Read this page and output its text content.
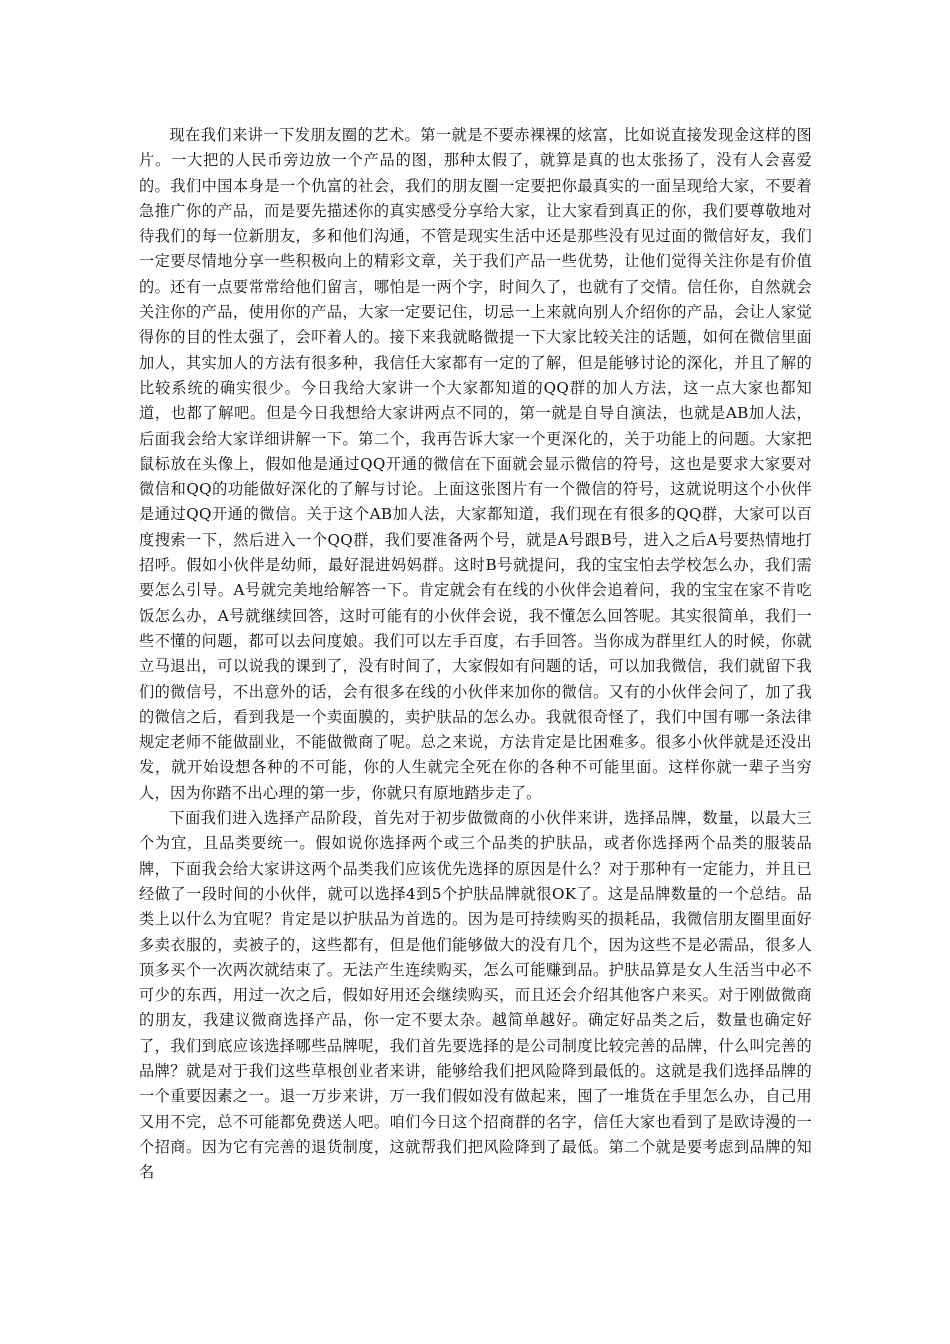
现在我们来讲一下发朋友圈的艺术。第一就是不要赤裸裸的炫富，比如说直接发现金这样的图片。一大把的人民币旁边放一个产品的图，那种太假了，就算是真的也太张扬了，没有人会喜爱的。我们中国本身是一个仇富的社会，我们的朋友圈一定要把你最真实的一面呈现给大家，不要着急推广你的产品，而是要先描述你的真实感受分享给大家，让大家看到真正的你，我们要尊敬地对待我们的每一位新朋友，多和他们沟通，不管是现实生活中还是那些没有见过面的微信好友，我们一定要尽情地分享一些积极向上的精彩文章，关于我们产品一些优势，让他们觉得关注你是有价值的。还有一点要常常给他们留言，哪怕是一两个字，时间久了，也就有了交情。信任你，自然就会关注你的产品，使用你的产品，大家一定要记住，切忌一上来就向别人介绍你的产品，会让人家觉得你的目的性太强了，会吓着人的。接下来我就略微提一下大家比较关注的话题，如何在微信里面加人，其实加人的方法有很多种，我信任大家都有一定的了解，但是能够讨论的深化，并且了解的比较系统的确实很少。今日我给大家讲一个大家都知道的QQ群的加人方法，这一点大家也都知道，也都了解吧。但是今日我想给大家讲两点不同的，第一就是自导自演法，也就是AB加人法，后面我会给大家详细讲解一下。第二个，我再告诉大家一个更深化的，关于功能上的问题。大家把鼠标放在头像上，假如他是通过QQ开通的微信在下面就会显示微信的符号，这也是要求大家要对微信和QQ的功能做好深化的了解与讨论。上面这张图片有一个微信的符号，这就说明这个小伙伴是通过QQ开通的微信。关于这个AB加人法，大家都知道，我们现在有很多的QQ群，大家可以百度搜索一下，然后进入一个QQ群，我们要准备两个号，就是A号跟B号，进入之后A号要热情地打招呼。假如小伙伴是幼师，最好混进妈妈群。这时B号就提问，我的宝宝怕去学校怎么办，我们需要怎么引导。A号就完美地给解答一下。肯定就会有在线的小伙伴会追着问，我的宝宝在家不肯吃饭怎么办，A号就继续回答，这时可能有的小伙伴会说，我不懂怎么回答呢。其实很简单，我们一些不懂的问题，都可以去问度娘。我们可以左手百度，右手回答。当你成为群里红人的时候，你就立马退出，可以说我的课到了，没有时间了，大家假如有问题的话，可以加我微信，我们就留下我们的微信号，不出意外的话，会有很多在线的小伙伴来加你的微信。又有的小伙伴会问了，加了我的微信之后，看到我是一个卖面膜的，卖护肤品的怎么办。我就很奇怪了，我们中国有哪一条法律规定老师不能做副业，不能做微商了呢。总之来说，方法肯定是比困难多。很多小伙伴就是还没出发，就开始设想各种的不可能，你的人生就完全死在你的各种不可能里面。这样你就一辈子当穷人，因为你踏不出心理的第一步，你就只有原地踏步走了。

下面我们进入选择产品阶段，首先对于初步做微商的小伙伴来讲，选择品牌，数量，以最大三个为宜，且品类要统一。假如说你选择两个或三个品类的护肤品，或者你选择两个品类的服装品牌，下面我会给大家讲这两个品类我们应该优先选择的原因是什么？对于那种有一定能力，并且已经做了一段时间的小伙伴，就可以选择4到5个护肤品牌就很OK了。这是品牌数量的一个总结。品类上以什么为宜呢？肯定是以护肤品为首选的。因为是可持续购买的损耗品，我微信朋友圈里面好多卖衣服的，卖被子的，这些都有，但是他们能够做大的没有几个，因为这些不是必需品，很多人顶多买个一次两次就结束了。无法产生连续购买，怎么可能赚到品。护肤品算是女人生活当中必不可少的东西，用过一次之后，假如好用还会继续购买，而且还会介绍其他客户来买。对于刚做微商的朋友，我建议微商选择产品，你一定不要太杂。越简单越好。确定好品类之后，数量也确定好了，我们到底应该选择哪些品牌呢，我们首先要选择的是公司制度比较完善的品牌，什么叫完善的品牌？就是对于我们这些草根创业者来讲，能够给我们把风险降到最低的。这就是我们选择品牌的一个重要因素之一。退一万步来讲，万一我们假如没有做起来，囤了一堆货在手里怎么办，自己用又用不完，总不可能都免费送人吧。咱们今日这个招商群的名字，信任大家也看到了是欧诗漫的一个招商。因为它有完善的退货制度，这就帮我们把风险降到了最低。第二个就是要考虑到品牌的知名
